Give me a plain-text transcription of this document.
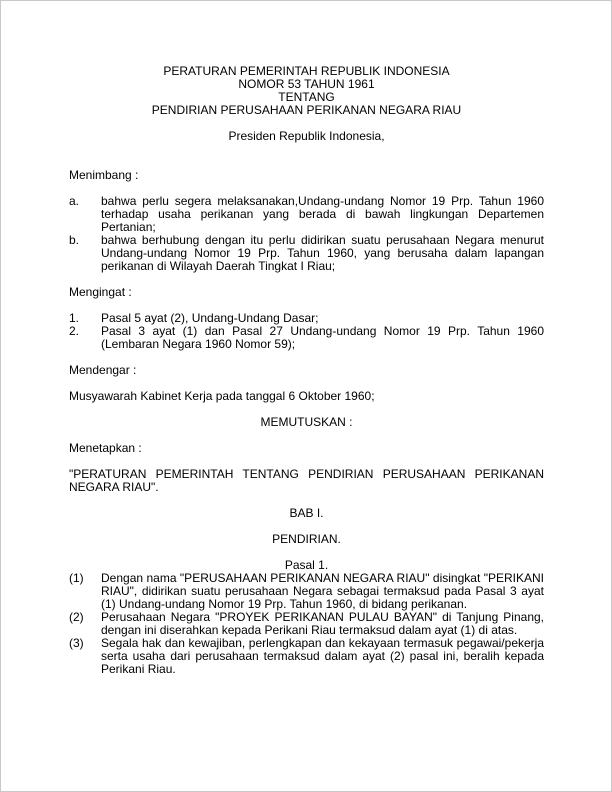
PERATURAN PEMERINTAH REPUBLIK INDONESIA
NOMOR 53 TAHUN 1961
TENTANG
PENDIRIAN PERUSAHAAN PERIKANAN NEGARA RIAU
Presiden Republik Indonesia,
Menimbang :
a. bahwa perlu segera melaksanakan,Undang-undang Nomor 19 Prp. Tahun 1960 terhadap usaha perikanan yang berada di bawah lingkungan Departemen Pertanian;
b. bahwa berhubung dengan itu perlu didirikan suatu perusahaan Negara menurut Undang-undang Nomor 19 Prp. Tahun 1960, yang berusaha dalam lapangan perikanan di Wilayah Daerah Tingkat I Riau;
Mengingat :
1. Pasal 5 ayat (2), Undang-Undang Dasar;
2. Pasal 3 ayat (1) dan Pasal 27 Undang-undang Nomor 19 Prp. Tahun 1960 (Lembaran Negara 1960 Nomor 59);
Mendengar :
Musyawarah Kabinet Kerja pada tanggal 6 Oktober 1960;
MEMUTUSKAN :
Menetapkan :
"PERATURAN PEMERINTAH TENTANG PENDIRIAN PERUSAHAAN PERIKANAN NEGARA RIAU".
BAB I.
PENDIRIAN.
Pasal 1.
(1) Dengan nama "PERUSAHAAN PERIKANAN NEGARA RIAU" disingkat "PERIKANI RIAU", didirikan suatu perusahaan Negara sebagai termaksud pada Pasal 3 ayat (1) Undang-undang Nomor 19 Prp. Tahun 1960, di bidang perikanan.
(2) Perusahaan Negara "PROYEK PERIKANAN PULAU BAYAN" di Tanjung Pinang, dengan ini diserahkan kepada Perikani Riau termaksud dalam ayat (1) di atas.
(3) Segala hak dan kewajiban, perlengkapan dan kekayaan termasuk pegawai/pekerja serta usaha dari perusahaan termaksud dalam ayat (2) pasal ini, beralih kepada Perikani Riau.
